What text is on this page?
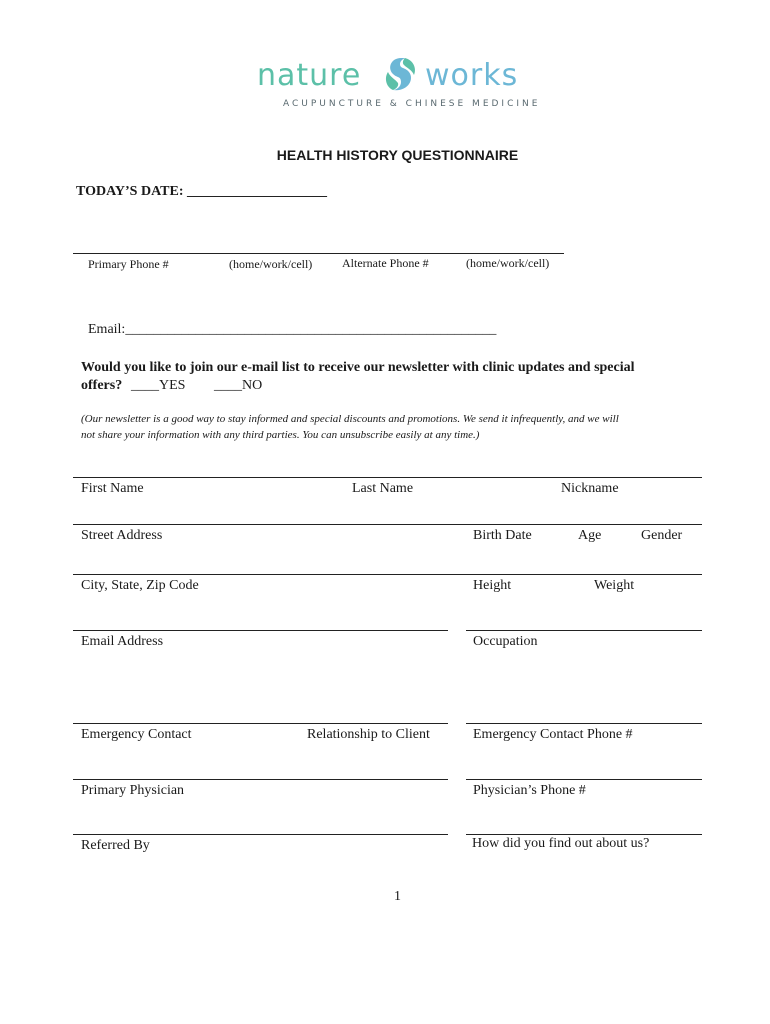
nature works
ACUPUNCTURE & CHINESE MEDICINE
HEALTH HISTORY QUESTIONNAIRE
TODAY’S DATE: ____________________
Primary Phone #	(home/work/cell) Alternate Phone #	(home/work/cell)
Email:_____________________________________________________
Would you like to join our e-mail list to receive our newsletter with clinic updates and special
offers? ____YES ____NO
(Our newsletter is a good way to stay informed and special discounts and promotions. We send it infrequently, and we will
not share your information with any third parties. You can unsubscribe easily at any time.)
First Name	Last Name	Nickname
Street Address	Birth Date	Age	Gender
City, State, Zip Code	Height	Weight
Email Address	Occupation
Emergency Contact	Relationship to Client	Emergency Contact Phone #
Primary Physician	Physician’s Phone #
Referred By	How did you find out about us?
1
